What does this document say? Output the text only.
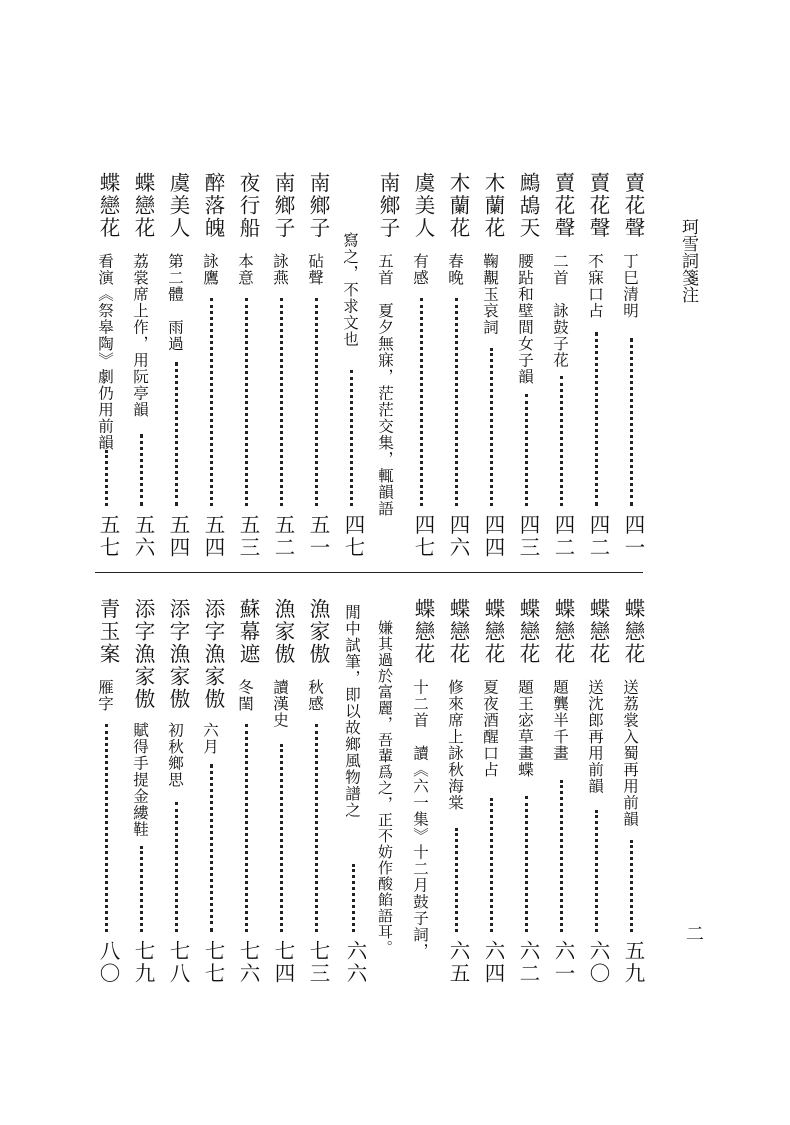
珂雪詞箋注
二
賣花聲
丁巳清明
四一
賣花聲
不寐口占
四二
賣花聲
二首　詠鼓子花
四二
鷓鴣天
腰跕和壁間女子韻
四三
木蘭花
鞠覯玉哀詞
四四
木蘭花
春晚
四六
虞美人
有感
四七
南鄉子
五首　夏夕無寐，茫茫交集，輒韻語
寫之，不求文也
四七
南鄉子
砧聲
五一
南鄉子
詠燕
五二
夜行船
本意
五三
醉落魄
詠鷹
五四
虞美人
第二體　雨過
五四
蝶戀花
荔裳席上作，用阮亭韻
五六
蝶戀花
看演《祭皋陶》劇仍用前韻
五七
蝶戀花
送荔裳入蜀再用前韻
五九
蝶戀花
送沈郎再用前韻
六〇
蝶戀花
題龔半千畫
六一
蝶戀花
題王宓草畫蝶
六二
蝶戀花
夏夜酒醒口占
六四
蝶戀花
修來席上詠秋海棠
六五
蝶戀花
十二首　讀《六一集》十二月鼓子詞，
嫌其過於富麗，吾輩爲之，正不妨作酸餡語耳。
閒中試筆，即以故鄉風物譜之
六六
漁家傲
秋感
七三
漁家傲
讀漢史
七四
蘇幕遮
冬閨
七六
添字漁家傲
六月
七七
添字漁家傲
初秋鄉思
七八
添字漁家傲
賦得手提金縷鞋
七九
青玉案
雁字
八〇
